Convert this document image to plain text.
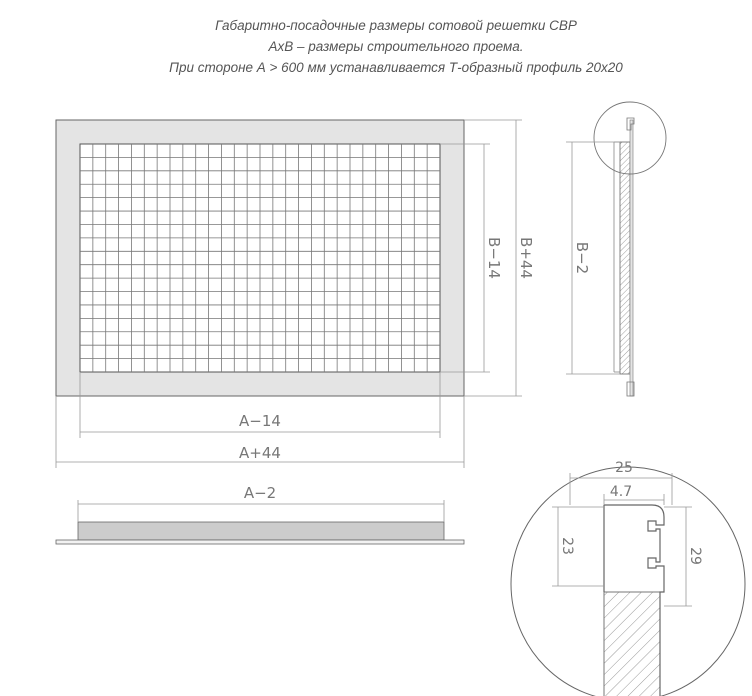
Габаритно-посадочные размеры сотовой решетки СВР
AxB – размеры строительного проема.
При стороне А > 600 мм устанавливается Т-образный профиль 20х20
A−14
A+44
B−14 B+44	B−2
A−2
25
4.7
23
29
